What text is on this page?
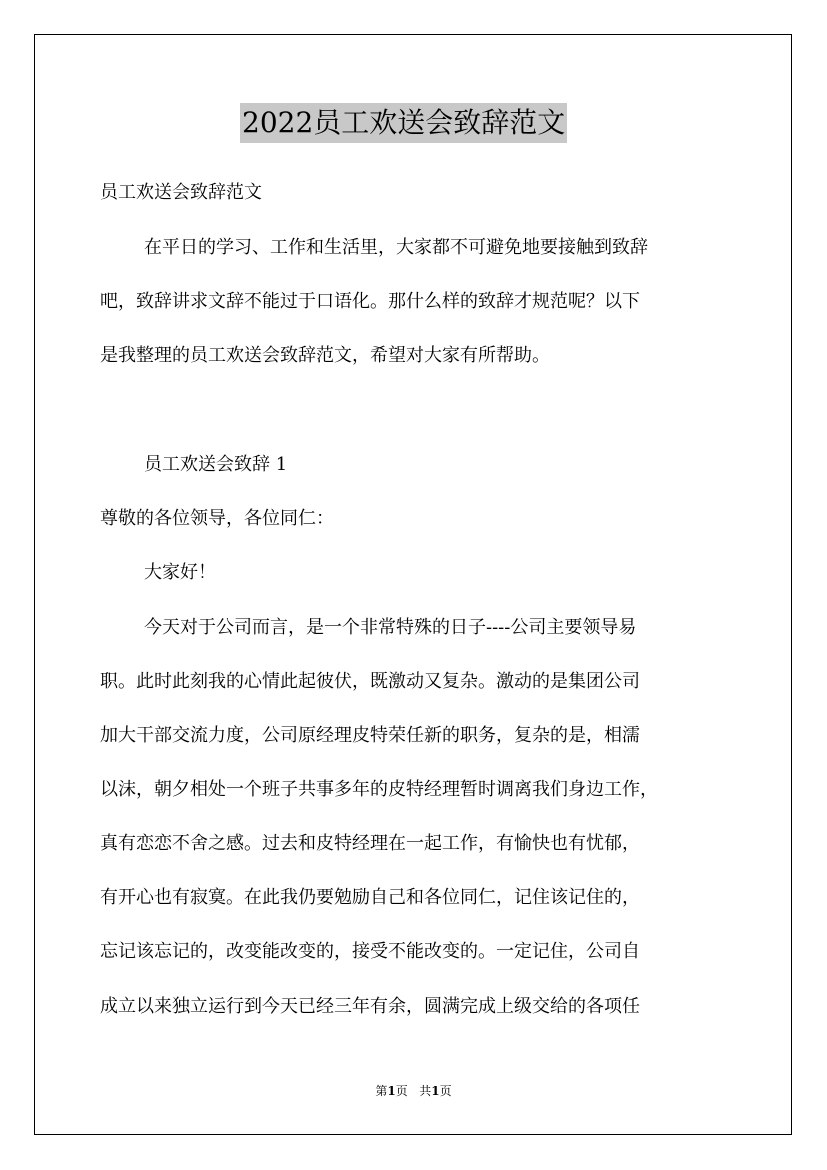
2022员工欢送会致辞范文
员工欢送会致辞范文
在平日的学习、工作和生活里，大家都不可避免地要接触到致辞
吧，致辞讲求文辞不能过于口语化。那什么样的致辞才规范呢？以下
是我整理的员工欢送会致辞范文，希望对大家有所帮助。
员工欢送会致辞 1
尊敬的各位领导，各位同仁：
大家好！
今天对于公司而言，是一个非常特殊的日子----公司主要领导易
职。此时此刻我的心情此起彼伏，既激动又复杂。激动的是集团公司
加大干部交流力度，公司原经理皮特荣任新的职务，复杂的是，相濡
以沫，朝夕相处一个班子共事多年的皮特经理暂时调离我们身边工作，
真有恋恋不舍之感。过去和皮特经理在一起工作，有愉快也有忧郁，
有开心也有寂寞。在此我仍要勉励自己和各位同仁，记住该记住的，
忘记该忘记的，改变能改变的，接受不能改变的。一定记住，公司自
成立以来独立运行到今天已经三年有余，圆满完成上级交给的各项任
第1页 共1页
